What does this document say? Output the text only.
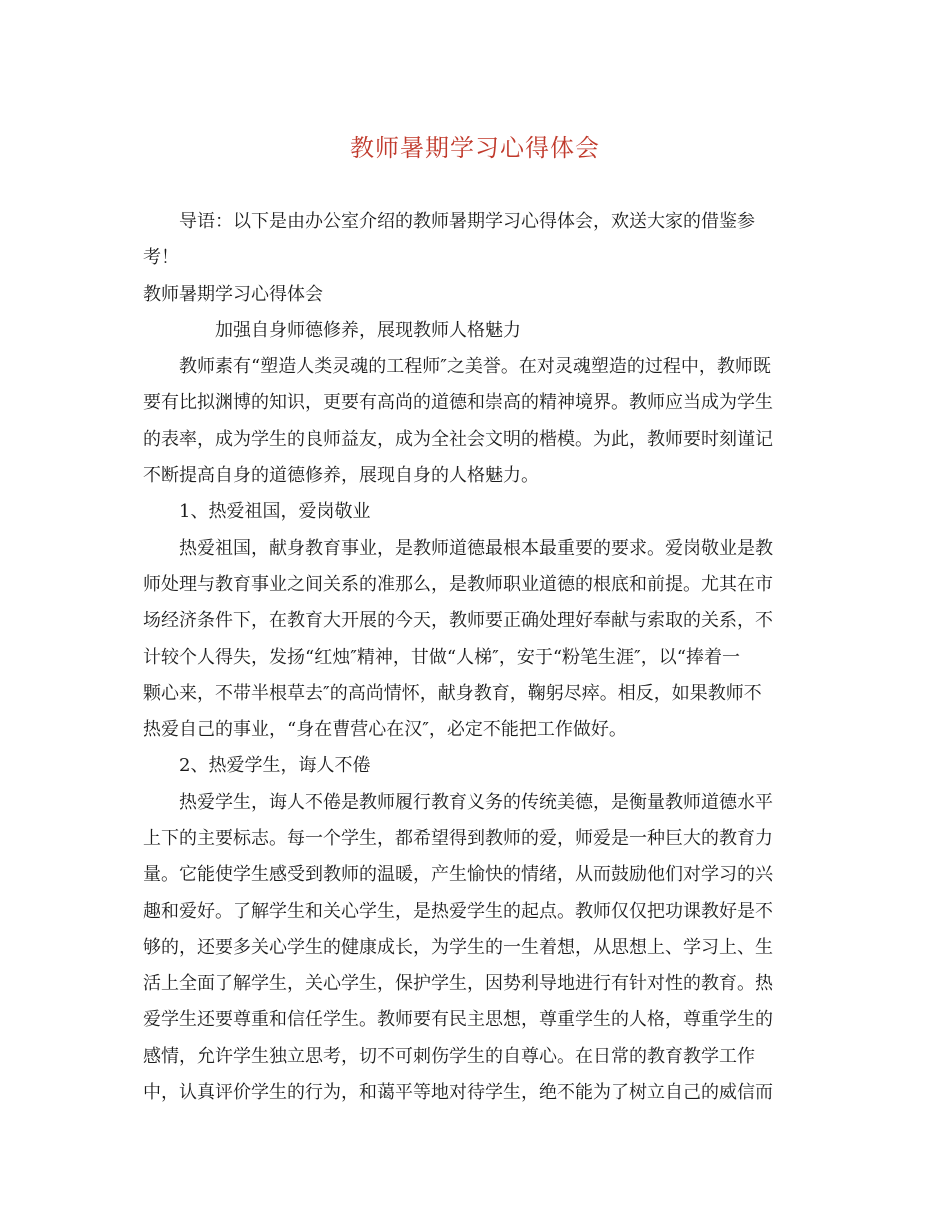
教师暑期学习心得体会
导语：以下是由办公室介绍的教师暑期学习心得体会，欢送大家的借鉴参
考！
教师暑期学习心得体会
加强自身师德修养，展现教师人格魅力
教师素有“塑造人类灵魂的工程师″之美誉。在对灵魂塑造的过程中，教师既
要有比拟渊博的知识，更要有高尚的道德和崇高的精神境界。教师应当成为学生
的表率，成为学生的良师益友，成为全社会文明的楷模。为此，教师要时刻谨记
不断提高自身的道德修养，展现自身的人格魅力。
1、热爱祖国，爱岗敬业
热爱祖国，献身教育事业，是教师道德最根本最重要的要求。爱岗敬业是教
师处理与教育事业之间关系的准那么，是教师职业道德的根底和前提。尤其在市
场经济条件下，在教育大开展的今天，教师要正确处理好奉献与索取的关系，不
计较个人得失，发扬“红烛″精神，甘做“人梯″，安于“粉笔生涯″，以“捧着一
颗心来，不带半根草去″的高尚情怀，献身教育，鞠躬尽瘁。相反，如果教师不
热爱自己的事业，“身在曹营心在汉″，必定不能把工作做好。
2、热爱学生，诲人不倦
热爱学生，诲人不倦是教师履行教育义务的传统美德，是衡量教师道德水平
上下的主要标志。每一个学生，都希望得到教师的爱，师爱是一种巨大的教育力
量。它能使学生感受到教师的温暖，产生愉快的情绪，从而鼓励他们对学习的兴
趣和爱好。了解学生和关心学生，是热爱学生的起点。教师仅仅把功课教好是不
够的，还要多关心学生的健康成长，为学生的一生着想，从思想上、学习上、生
活上全面了解学生，关心学生，保护学生，因势利导地进行有针对性的教育。热
爱学生还要尊重和信任学生。教师要有民主思想，尊重学生的人格，尊重学生的
感情，允许学生独立思考，切不可刺伤学生的自尊心。在日常的教育教学工作
中，认真评价学生的行为，和蔼平等地对待学生，绝不能为了树立自己的威信而
